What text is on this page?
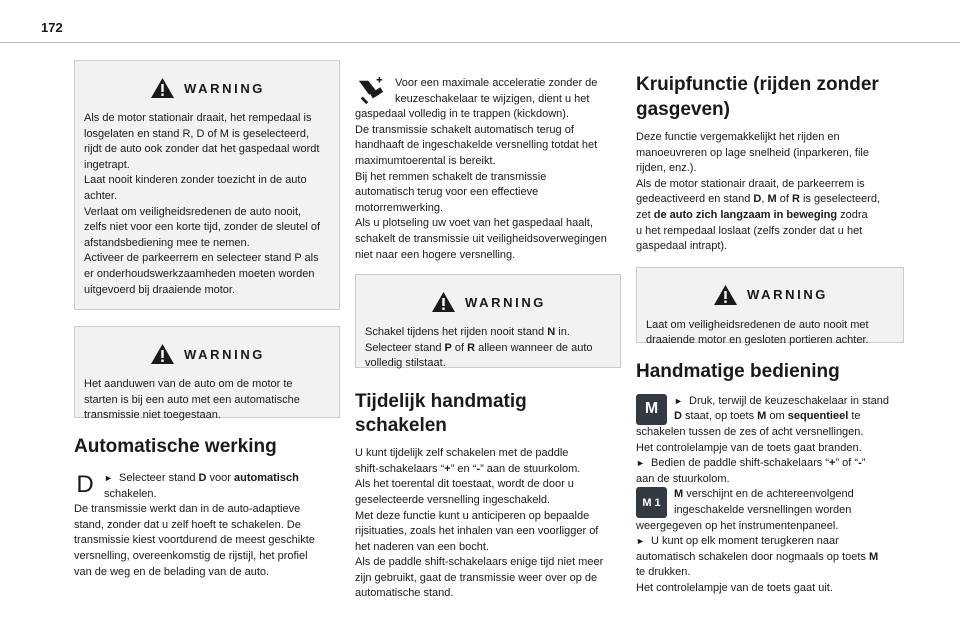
172
WARNING

Als de motor stationair draait, het rempedaal is
losgelaten en stand R, D of M is geselecteerd,
rijdt de auto ook zonder dat het gaspedaal wordt
ingetrapt.
Laat nooit kinderen zonder toezicht in de auto
achter.
Verlaat om veiligheidsredenen de auto nooit,
zelfs niet voor een korte tijd, zonder de sleutel of
afstandsbediening mee te nemen.
Activeer de parkeerrem en selecteer stand P als
er onderhoudswerkzaamheden moeten worden
uitgevoerd bij draaiende motor.

WARNING

Het aanduwen van de auto om de motor te
starten is bij een auto met een automatische
transmissie niet toegestaan.

Automatische werking
D ► Selecteer stand D voor automatisch
schakelen.

De transmissie werkt dan in de auto-adaptieve
stand, zonder dat u zelf hoeft te schakelen. De
transmissie kiest voortdurend de meest geschikte
versnelling, overeenkomstig de rijstijl, het profiel
van de weg en de belading van de auto.

Voor een maximale acceleratie zonder de
keuzeschakelaar te wijzigen, dient u het

gaspedaal volledig in te trappen (kickdown).
De transmissie schakelt automatisch terug of
handhaaft de ingeschakelde versnelling totdat het
maximumtoerental is bereikt.
Bij het remmen schakelt de transmissie
automatisch terug voor een effectieve
motorremwerking.
Als u plotseling uw voet van het gaspedaal haalt,
schakelt de transmissie uit veiligheidsoverwegingen
niet naar een hogere versnelling.

WARNING

Schakel tijdens het rijden nooit stand N in.
Selecteer stand P of R alleen wanneer de auto
volledig stilstaat.

Tijdelijk handmatig schakelen

U kunt tijdelijk zelf schakelen met de paddle
shift-schakelaars “+” en “-” aan de stuurkolom.
Als het toerental dit toestaat, wordt de door u
geselecteerde versnelling ingeschakeld.
Met deze functie kunt u anticiperen op bepaalde
rijsituaties, zoals het inhalen van een voorligger of
het naderen van een bocht.
Als de paddle shift-schakelaars enige tijd niet meer
zijn gebruikt, gaat de transmissie weer over op de
automatische stand.

Kruipfunctie (rijden zonder
gasgeven)

Deze functie vergemakkelijkt het rijden en
manoeuvreren op lage snelheid (inparkeren, file
rijden, enz.).
Als de motor stationair draait, de parkeerrem is
gedeactiveerd en stand D, M of R is geselecteerd,
zet de auto zich langzaam in beweging zodra
u het rempedaal loslaat (zelfs zonder dat u het
gaspedaal intrapt).

WARNING

Laat om veiligheidsredenen de auto nooit met
draaiende motor en gesloten portieren achter.

Handmatige bediening
M	► Druk, terwijl de keuzeschakelaar in stand
D staat, op toets M om sequentieel te

schakelen tussen de zes of acht versnellingen.
Het controlelampje van de toets gaat branden.
► Bedien de paddle shift-schakelaars “+” of “-”
aan de stuurkolom.

M 1

M verschijnt en de achtereenvolgend
ingeschakelde versnellingen worden

weergegeven op het instrumentenpaneel.
► U kunt op elk moment terugkeren naar
automatisch schakelen door nogmaals op toets M
te drukken.
Het controlelampje van de toets gaat uit.
